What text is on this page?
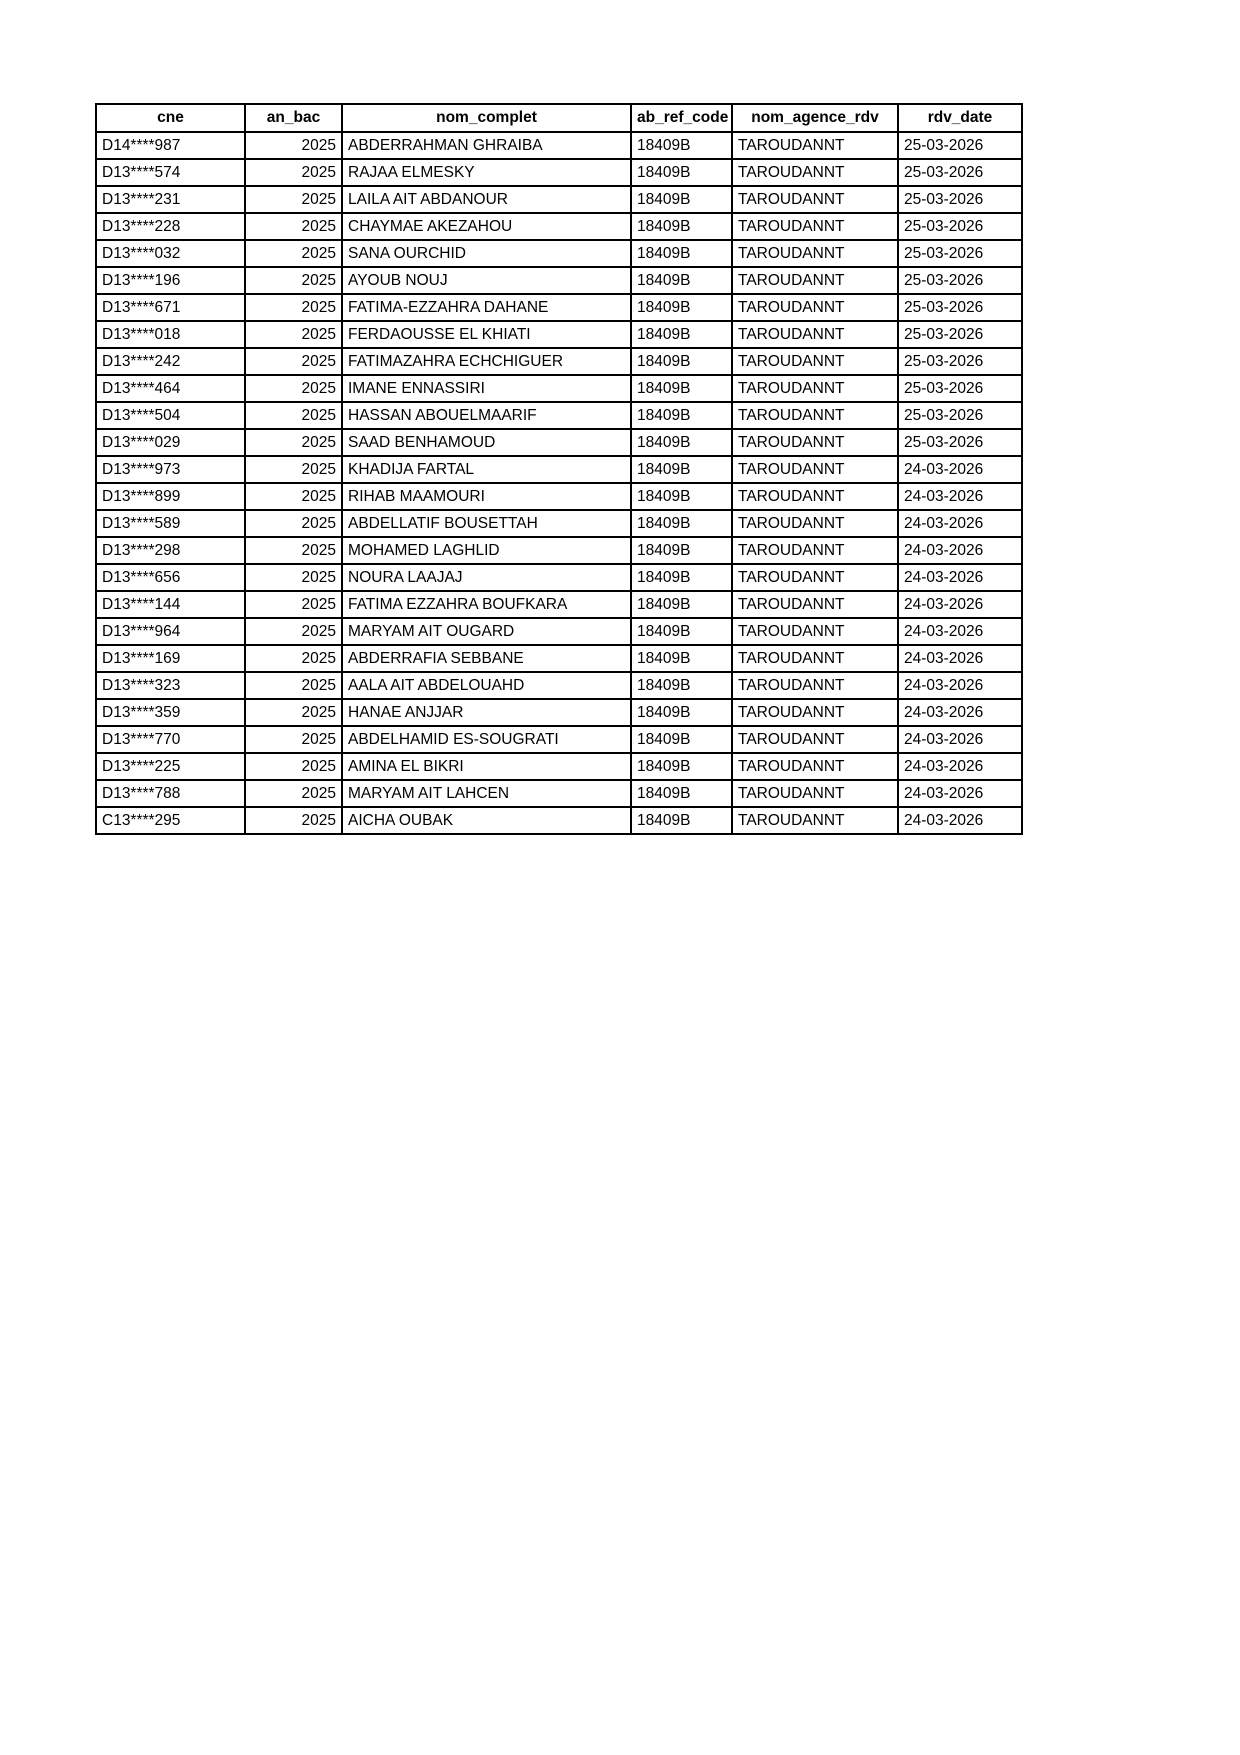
cne	an_bac	nom_complet	ab_ref_code	nom_agence_rdv	rdv_date
D14****987	2025	ABDERRAHMAN GHRAIBA	18409B	TAROUDANNT	25-03-2026
D13****574	2025	RAJAA ELMESKY	18409B	TAROUDANNT	25-03-2026
D13****231	2025	LAILA AIT ABDANOUR	18409B	TAROUDANNT	25-03-2026
D13****228	2025	CHAYMAE AKEZAHOU	18409B	TAROUDANNT	25-03-2026
D13****032	2025	SANA OURCHID	18409B	TAROUDANNT	25-03-2026
D13****196	2025	AYOUB NOUJ	18409B	TAROUDANNT	25-03-2026
D13****671	2025	FATIMA-EZZAHRA DAHANE	18409B	TAROUDANNT	25-03-2026
D13****018	2025	FERDAOUSSE EL KHIATI	18409B	TAROUDANNT	25-03-2026
D13****242	2025	FATIMAZAHRA ECHCHIGUER	18409B	TAROUDANNT	25-03-2026
D13****464	2025	IMANE ENNASSIRI	18409B	TAROUDANNT	25-03-2026
D13****504	2025	HASSAN ABOUELMAARIF	18409B	TAROUDANNT	25-03-2026
D13****029	2025	SAAD BENHAMOUD	18409B	TAROUDANNT	25-03-2026
D13****973	2025	KHADIJA FARTAL	18409B	TAROUDANNT	24-03-2026
D13****899	2025	RIHAB MAAMOURI	18409B	TAROUDANNT	24-03-2026
D13****589	2025	ABDELLATIF BOUSETTAH	18409B	TAROUDANNT	24-03-2026
D13****298	2025	MOHAMED LAGHLID	18409B	TAROUDANNT	24-03-2026
D13****656	2025	NOURA LAAJAJ	18409B	TAROUDANNT	24-03-2026
D13****144	2025	FATIMA EZZAHRA BOUFKARA	18409B	TAROUDANNT	24-03-2026
D13****964	2025	MARYAM AIT OUGARD	18409B	TAROUDANNT	24-03-2026
D13****169	2025	ABDERRAFIA SEBBANE	18409B	TAROUDANNT	24-03-2026
D13****323	2025	AALA AIT ABDELOUAHD	18409B	TAROUDANNT	24-03-2026
D13****359	2025	HANAE ANJJAR	18409B	TAROUDANNT	24-03-2026
D13****770	2025	ABDELHAMID ES-SOUGRATI	18409B	TAROUDANNT	24-03-2026
D13****225	2025	AMINA EL BIKRI	18409B	TAROUDANNT	24-03-2026
D13****788	2025	MARYAM AIT LAHCEN	18409B	TAROUDANNT	24-03-2026
C13****295	2025	AICHA OUBAK	18409B	TAROUDANNT	24-03-2026
